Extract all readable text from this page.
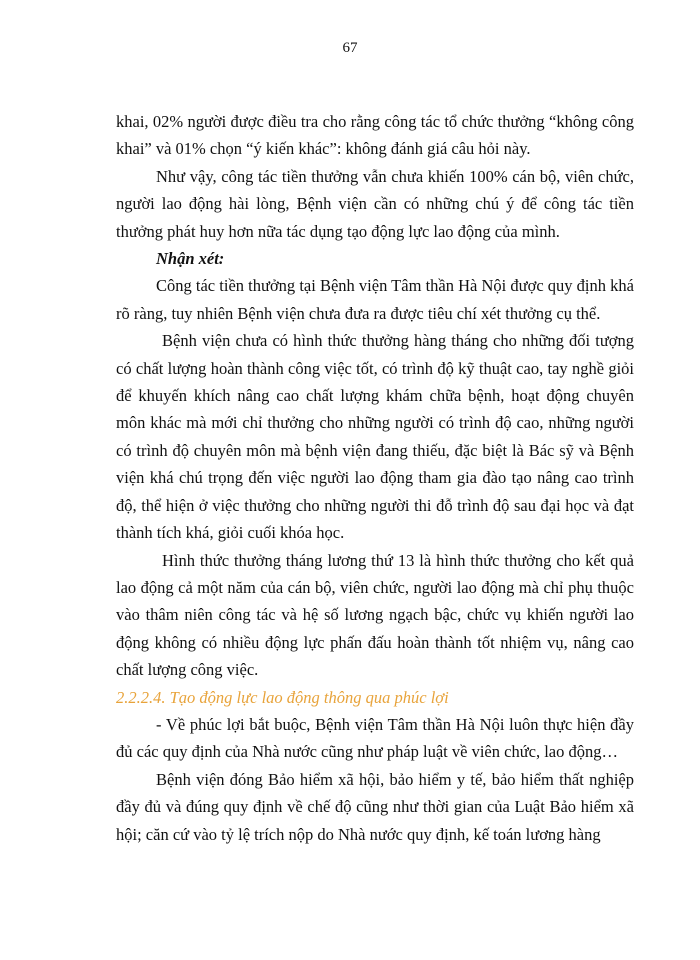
67

khai, 02% người được điều tra cho rằng công tác tổ chức thưởng “không công khai” và 01% chọn “ý kiến khác”: không đánh giá câu hỏi này.

Như vậy, công tác tiền thưởng vẫn chưa khiến 100% cán bộ, viên chức, người lao động hài lòng, Bệnh viện cần có những chú ý để công tác tiền thưởng phát huy hơn nữa tác dụng tạo động lực lao động của mình.

Nhận xét:

Công tác tiền thưởng tại Bệnh viện Tâm thần Hà Nội được quy định khá rõ ràng, tuy nhiên Bệnh viện chưa đưa ra được tiêu chí xét thưởng cụ thể.

Bệnh viện chưa có hình thức thưởng hàng tháng cho những đối tượng có chất lượng hoàn thành công việc tốt, có trình độ kỹ thuật cao, tay nghề giỏi để khuyến khích nâng cao chất lượng khám chữa bệnh, hoạt động chuyên môn khác mà mới chỉ thưởng cho những người có trình độ cao, những người có trình độ chuyên môn mà bệnh viện đang thiếu, đặc biệt là Bác sỹ và Bệnh viện khá chú trọng đến việc người lao động tham gia đào tạo nâng cao trình độ, thể hiện ở việc thưởng cho những người thi đỗ trình độ sau đại học và đạt thành tích khá, giỏi cuối khóa học.

Hình thức thưởng tháng lương thứ 13 là hình thức thưởng cho kết quả lao động cả một năm của cán bộ, viên chức, người lao động mà chỉ phụ thuộc vào thâm niên công tác và hệ số lương ngạch bậc, chức vụ khiến người lao động không có nhiều động lực phấn đấu hoàn thành tốt nhiệm vụ, nâng cao chất lượng công việc.

2.2.2.4. Tạo động lực lao động thông qua phúc lợi

- Về phúc lợi bắt buộc, Bệnh viện Tâm thần Hà Nội luôn thực hiện đầy đủ các quy định của Nhà nước cũng như pháp luật về viên chức, lao động…

Bệnh viện đóng Bảo hiểm xã hội, bảo hiểm y tế, bảo hiểm thất nghiệp đầy đủ và đúng quy định về chế độ cũng như thời gian của Luật Bảo hiểm xã hội; căn cứ vào tỷ lệ trích nộp do Nhà nước quy định, kế toán lương hàng
